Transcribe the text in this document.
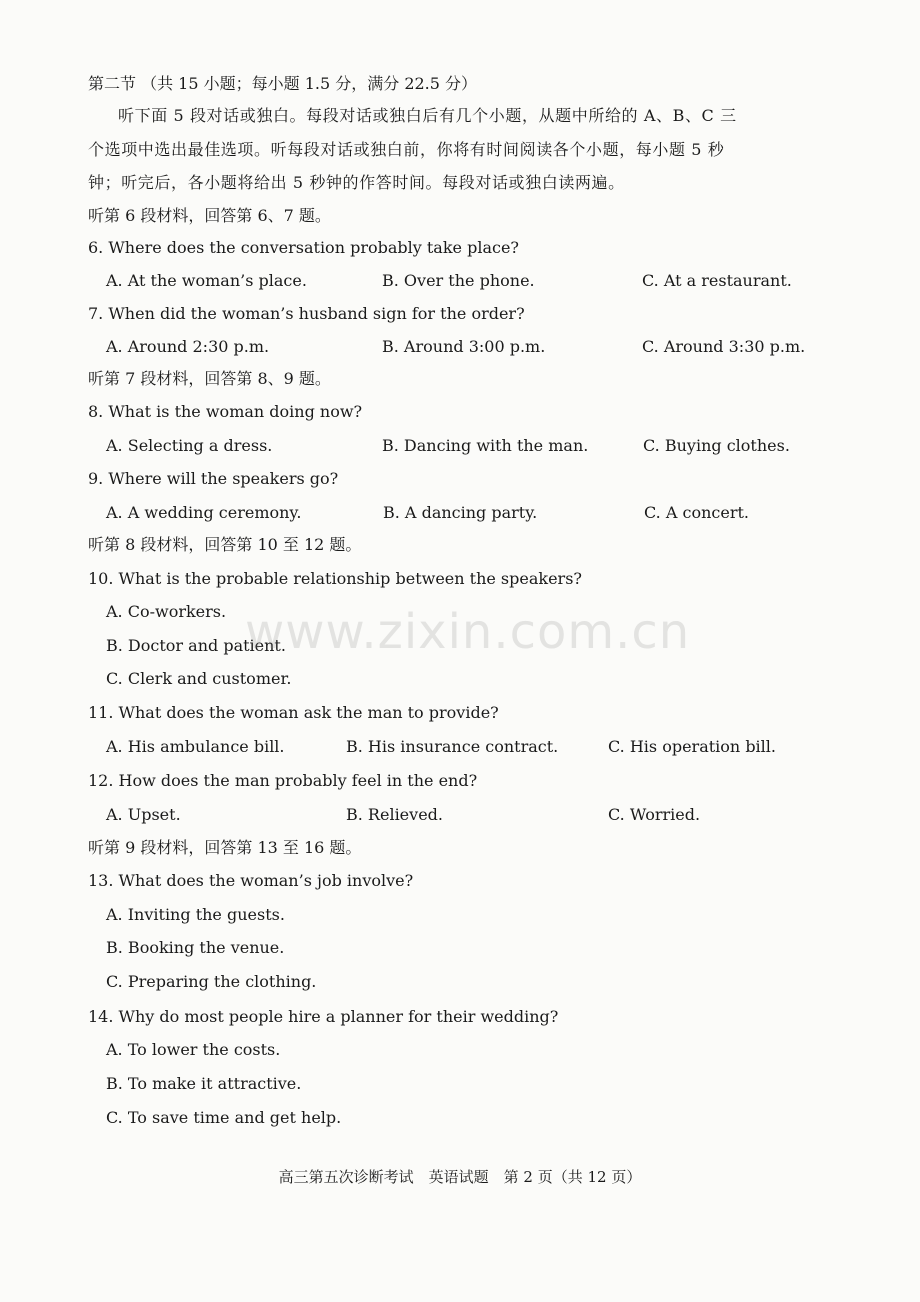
第二节 （共 15 小题；每小题 1.5 分，满分 22.5 分）
听下面 5 段对话或独白。每段对话或独白后有几个小题，从题中所给的 A、B、C 三
个选项中选出最佳选项。听每段对话或独白前，你将有时间阅读各个小题，每小题 5 秒
钟；听完后，各小题将给出 5 秒钟的作答时间。每段对话或独白读两遍。
听第 6 段材料，回答第 6、7 题。
6. Where does the conversation probably take place?
A. At the woman’s place.	B. Over the phone.	C. At a restaurant.
7. When did the woman’s husband sign for the order?
A. Around 2:30 p.m.	B. Around 3:00 p.m.	C. Around 3:30 p.m.
听第 7 段材料，回答第 8、9 题。
8. What is the woman doing now?
A. Selecting a dress.	B. Dancing with the man.	C. Buying clothes.
9. Where will the speakers go?
A. A wedding ceremony.	B. A dancing party.	C. A concert.
听第 8 段材料，回答第 10 至 12 题。
10. What is the probable relationship between the speakers?
A. Co-workers.
B. Doctor and patient.
C. Clerk and customer.
11. What does the woman ask the man to provide?
A. His ambulance bill.	B. His insurance contract.	C. His operation bill.
12. How does the man probably feel in the end?
A. Upset.	B. Relieved.	C. Worried.
听第 9 段材料，回答第 13 至 16 题。
13. What does the woman’s job involve?
A. Inviting the guests.
B. Booking the venue.
C. Preparing the clothing.
14. Why do most people hire a planner for their wedding?
A. To lower the costs.
B. To make it attractive.
C. To save time and get help.
www.zixin.com.cn
高三第五次诊断考试　英语试题　第 2 页（共 12 页）
